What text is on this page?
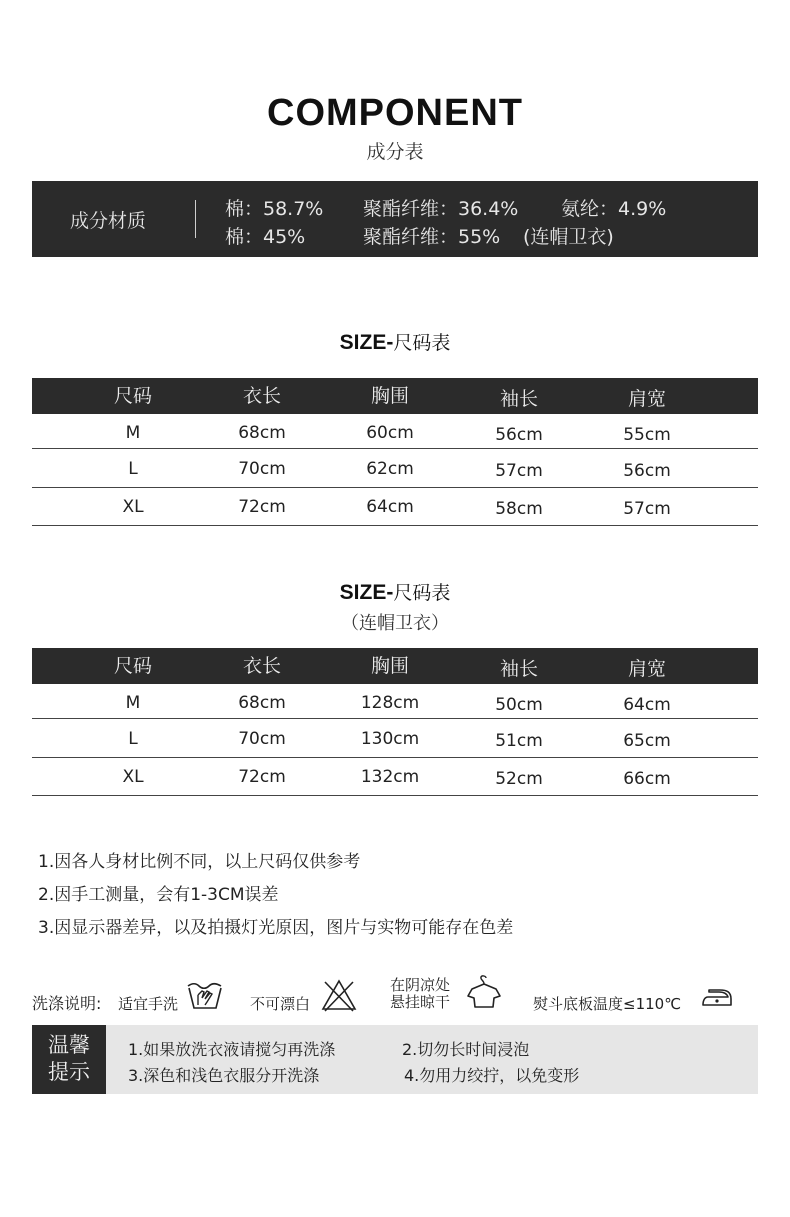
COMPONENT
成分表
成分材质
棉：58.7% 聚酯纤维：36.4% 氨纶：4.9%
棉：45%	聚酯纤维：55% (连帽卫衣)
SIZE-尺码表
尺码	衣长	胸围	袖长	肩宽
M	68cm	60cm	56cm	55cm
L	70cm	62cm	57cm	56cm
XL	72cm	64cm	58cm	57cm
SIZE-尺码表
（连帽卫衣）
尺码	衣长	胸围	袖长	肩宽
M	68cm	128cm	50cm	64cm
L	70cm	130cm	51cm	65cm
XL	72cm	132cm	52cm	66cm
1.因各人身材比例不同，以上尺码仅供参考
2.因手工测量，会有1-3CM误差
3.因显示器差异，以及拍摄灯光原因，图片与实物可能存在色差
洗涤说明: 适宜手洗	不可漂白
在阴凉处
悬挂晾干	熨斗底板温度≤110℃
温馨
提示
1.如果放洗衣液请搅匀再洗涤	2.切勿长时间浸泡
3.深色和浅色衣服分开洗涤	4.勿用力绞拧，以免变形
